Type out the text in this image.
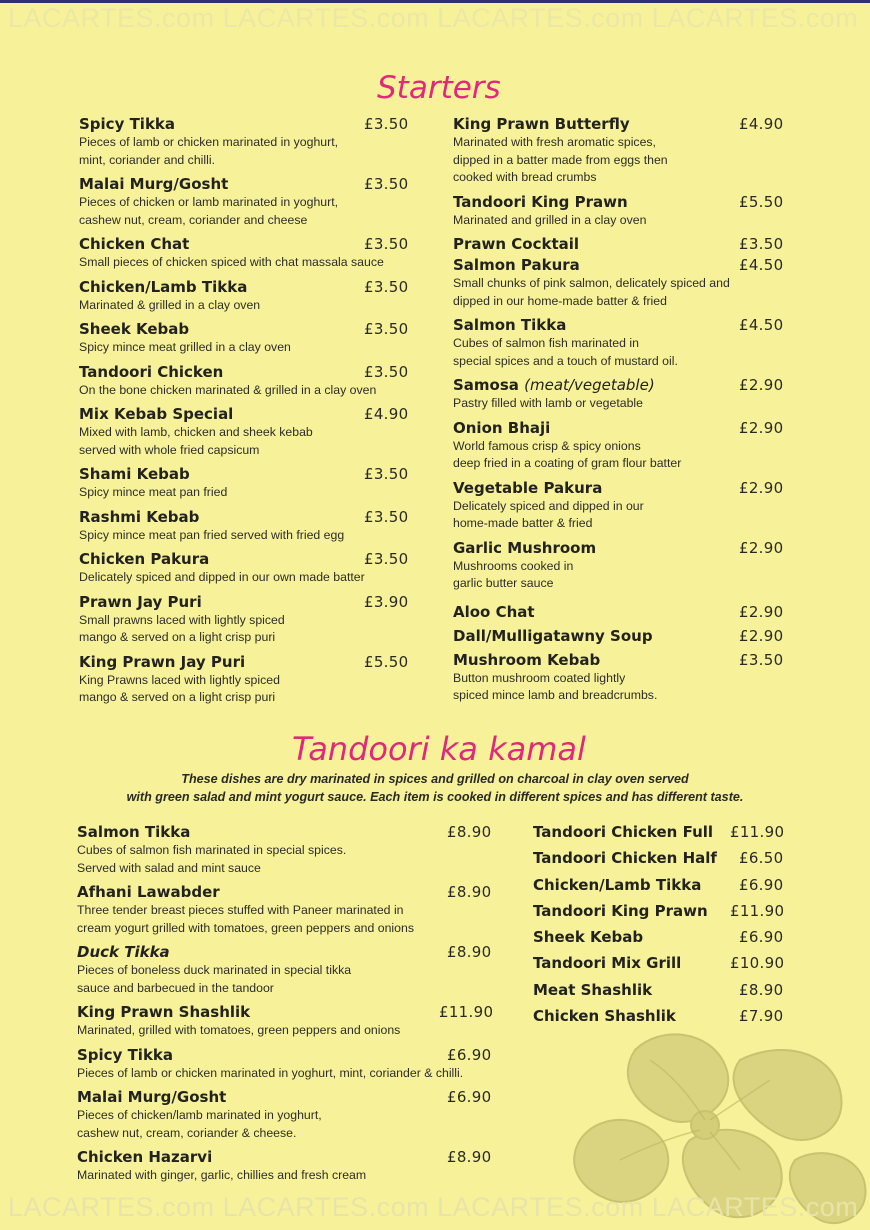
LACARTES.com LACARTES.com LACARTES.com LACARTES.com
Starters
Spicy Tikka	£3.50
Pieces of lamb or chicken marinated in yoghurt,
mint, coriander and chilli.
Malai Murg/Gosht	£3.50
Pieces of chicken or lamb marinated in yoghurt,
cashew nut, cream, coriander and cheese
Chicken Chat	£3.50
Small pieces of chicken spiced with chat massala sauce
Chicken/Lamb Tikka	£3.50
Marinated & grilled in a clay oven
Sheek Kebab	£3.50
Spicy mince meat grilled in a clay oven
Tandoori Chicken	£3.50
On the bone chicken marinated & grilled in a clay oven
Mix Kebab Special	£4.90
Mixed with lamb, chicken and sheek kebab
served with whole fried capsicum
Shami Kebab	£3.50
Spicy mince meat pan fried
Rashmi Kebab	£3.50
Spicy mince meat pan fried served with fried egg
Chicken Pakura	£3.50
Delicately spiced and dipped in our own made batter
Prawn Jay Puri	£3.90
Small prawns laced with lightly spiced
mango & served on a light crisp puri
King Prawn Jay Puri	£5.50
King Prawns laced with lightly spiced
mango & served on a light crisp puri
King Prawn Butterfly	£4.90
Marinated with fresh aromatic spices,
dipped in a batter made from eggs then
cooked with bread crumbs
Tandoori King Prawn	£5.50
Marinated and grilled in a clay oven
Prawn Cocktail	£3.50
Salmon Pakura	£4.50
Small chunks of pink salmon, delicately spiced and
dipped in our home-made batter & fried
Salmon Tikka	£4.50
Cubes of salmon fish marinated in
special spices and a touch of mustard oil.
Samosa (meat/vegetable)	£2.90
Pastry filled with lamb or vegetable
Onion Bhaji	£2.90
World famous crisp & spicy onions
deep fried in a coating of gram flour batter
Vegetable Pakura	£2.90
Delicately spiced and dipped in our
home-made batter & fried
Garlic Mushroom	£2.90
Mushrooms cooked in
garlic butter sauce
Aloo Chat	£2.90
Dall/Mulligatawny Soup	£2.90
Mushroom Kebab	£3.50
Button mushroom coated lightly
spiced mince lamb and breadcrumbs.
Tandoori ka kamal
These dishes are dry marinated in spices and grilled on charcoal in clay oven served
with green salad and mint yogurt sauce. Each item is cooked in different spices and has different taste.
Salmon Tikka	£8.90
Cubes of salmon fish marinated in special spices.
Served with salad and mint sauce
Afhani Lawabder	£8.90
Three tender breast pieces stuffed with Paneer marinated in
cream yogurt grilled with tomatoes, green peppers and onions
Duck Tikka	£8.90
Pieces of boneless duck marinated in special tikka
sauce and barbecued in the tandoor
King Prawn Shashlik	£11.90
Marinated, grilled with tomatoes, green peppers and onions
Spicy Tikka	£6.90
Pieces of lamb or chicken marinated in yoghurt, mint, coriander & chilli.
Malai Murg/Gosht	£6.90
Pieces of chicken/lamb marinated in yoghurt,
cashew nut, cream, coriander & cheese.
Chicken Hazarvi	£8.90
Marinated with ginger, garlic, chillies and fresh cream
Tandoori Chicken Full £11.90
Tandoori Chicken Half £6.50
Chicken/Lamb Tikka	£6.90
Tandoori King Prawn £11.90
Sheek Kebab	£6.90
Tandoori Mix Grill	£10.90
Meat Shashlik	£8.90
Chicken Shashlik	£7.90
LACARTES.com LACARTES.com LACARTES.com LACARTES.com
